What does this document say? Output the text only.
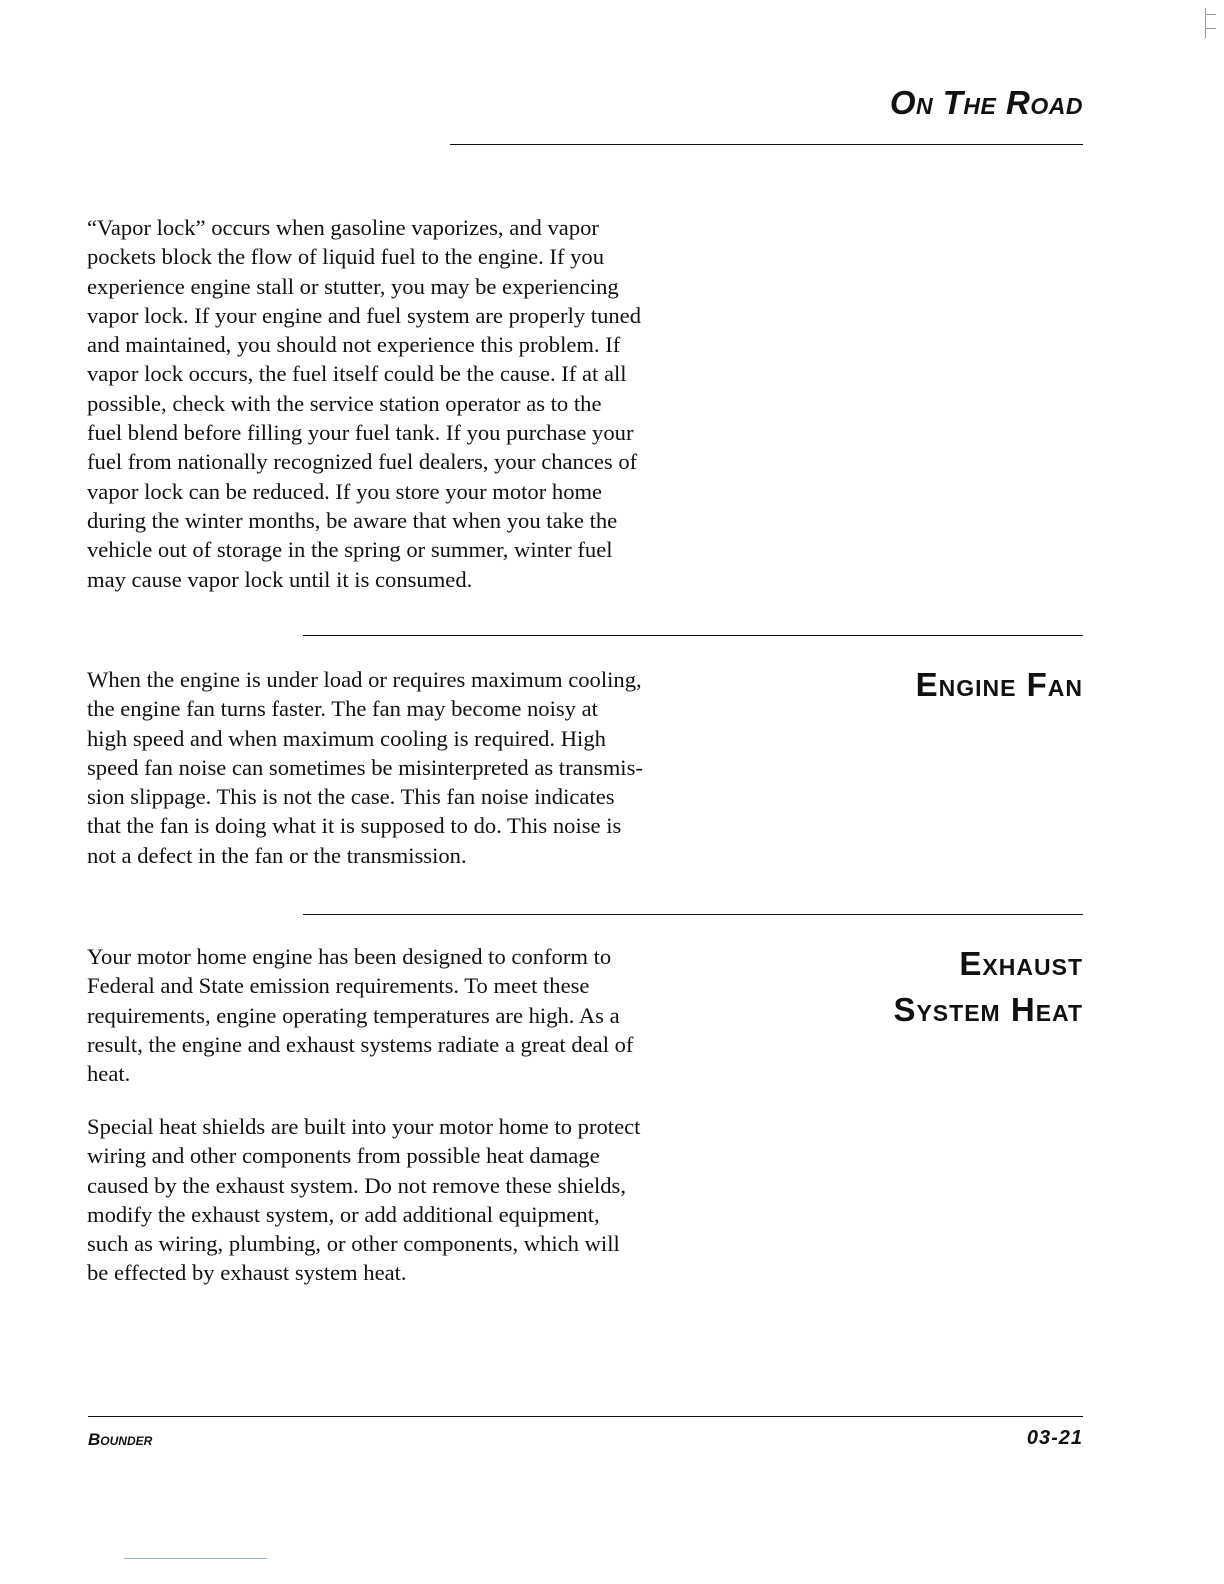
On The Road

“Vapor lock” occurs when gasoline vaporizes, and vapor
pockets block the flow of liquid fuel to the engine. If you
experience engine stall or stutter, you may be experiencing
vapor lock. If your engine and fuel system are properly tuned
and maintained, you should not experience this problem. If
vapor lock occurs, the fuel itself could be the cause. If at all
possible, check with the service station operator as to the
fuel blend before filling your fuel tank. If you purchase your
fuel from nationally recognized fuel dealers, your chances of
vapor lock can be reduced. If you store your motor home
during the winter months, be aware that when you take the
vehicle out of storage in the spring or summer, winter fuel
may cause vapor lock until it is consumed.

Engine Fan

When the engine is under load or requires maximum cooling,
the engine fan turns faster. The fan may become noisy at
high speed and when maximum cooling is required. High
speed fan noise can sometimes be misinterpreted as transmis-
sion slippage. This is not the case. This fan noise indicates
that the fan is doing what it is supposed to do. This noise is
not a defect in the fan or the transmission.

Exhaust
System Heat

Your motor home engine has been designed to conform to
Federal and State emission requirements. To meet these
requirements, engine operating temperatures are high. As a
result, the engine and exhaust systems radiate a great deal of
heat.

Special heat shields are built into your motor home to protect
wiring and other components from possible heat damage
caused by the exhaust system. Do not remove these shields,
modify the exhaust system, or add additional equipment,
such as wiring, plumbing, or other components, which will
be effected by exhaust system heat.

Bounder	03-21
